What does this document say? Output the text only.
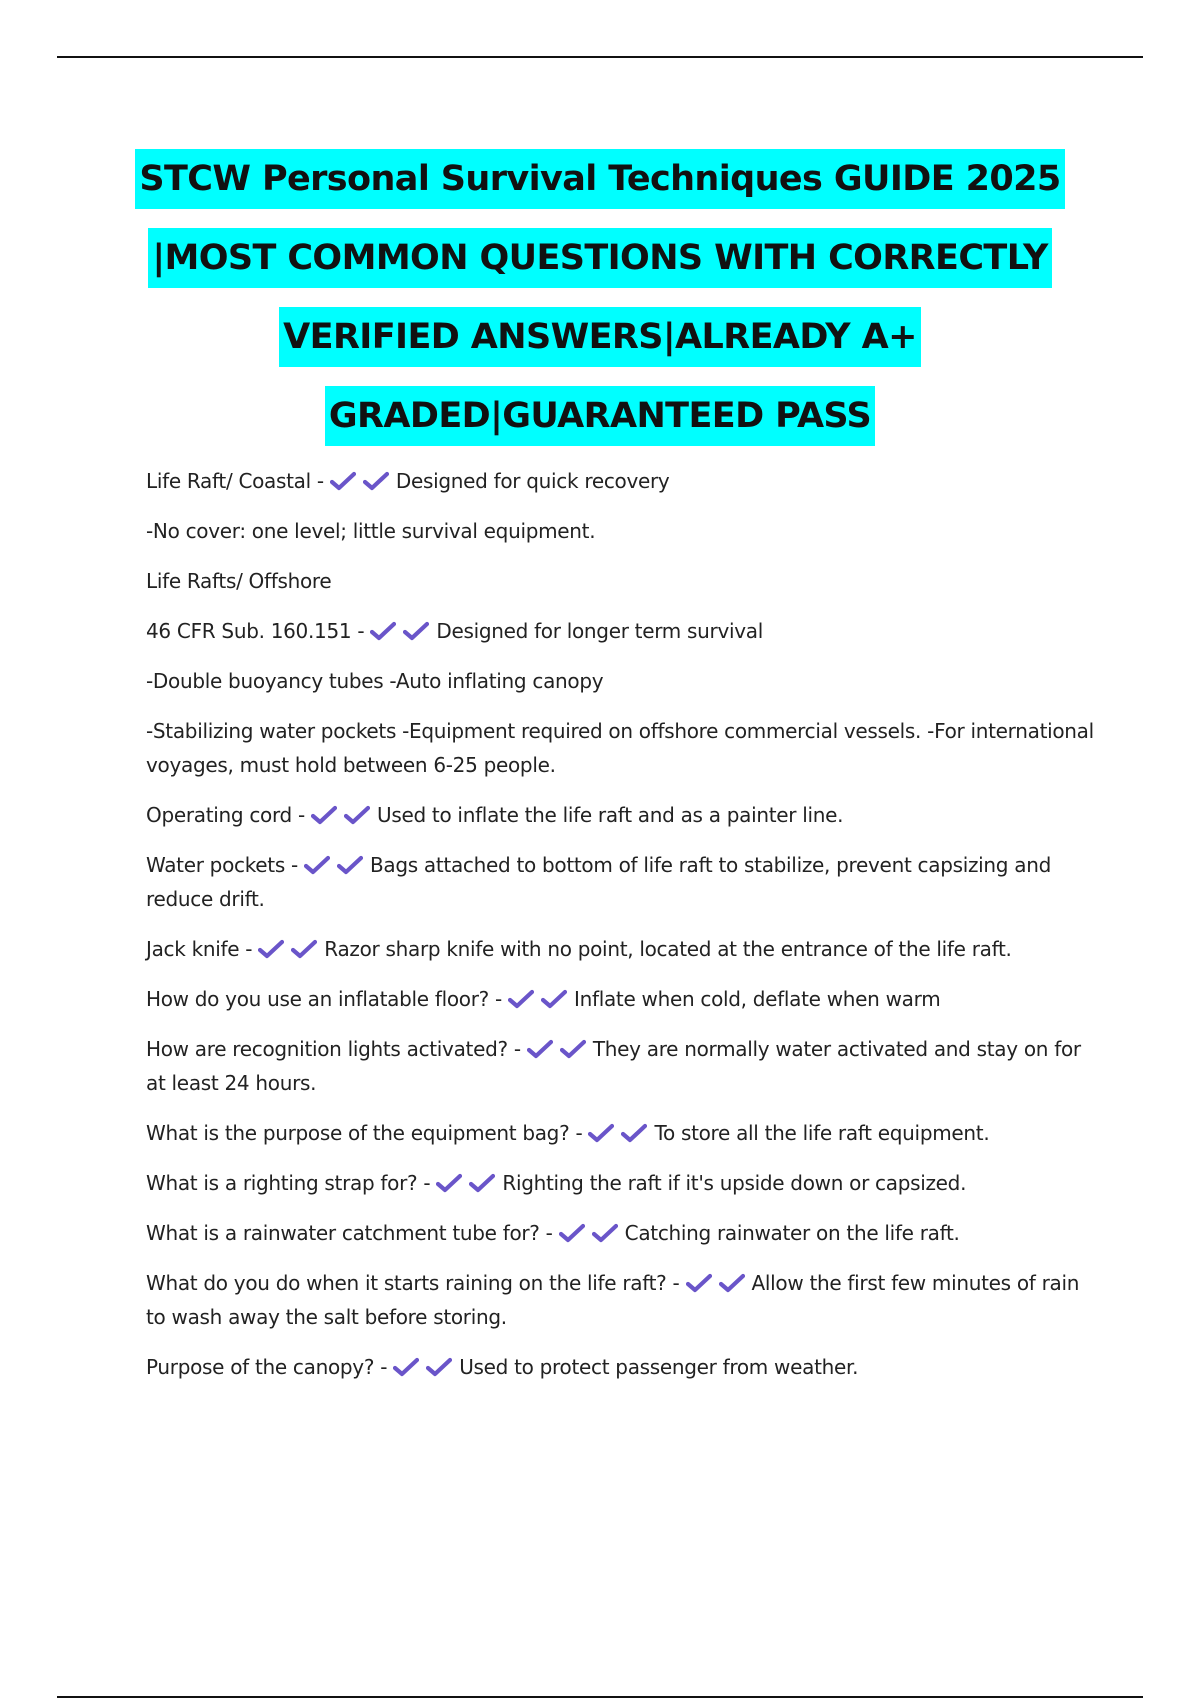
STCW Personal Survival Techniques GUIDE 2025
|MOST COMMON QUESTIONS WITH CORRECTLY
VERIFIED ANSWERS|ALREADY A+
GRADED|GUARANTEED PASS
Life Raft/ Coastal -	Designed for quick recovery
-No cover: one level; little survival equipment.
Life Rafts/ Offshore
46 CFR Sub. 160.151 -	Designed for longer term survival
-Double buoyancy tubes -Auto inflating canopy
-Stabilizing water pockets -Equipment required on offshore commercial vessels. -For international voyages, must hold between 6-25 people.
Operating cord -	Used to inflate the life raft and as a painter line.
Water pockets -	Bags attached to bottom of life raft to stabilize, prevent capsizing and reduce drift.
Jack knife -	Razor sharp knife with no point, located at the entrance of the life raft.
How do you use an inflatable floor? -	Inflate when cold, deflate when warm
How are recognition lights activated? -	They are normally water activated and stay on for at least 24 hours.
What is the purpose of the equipment bag? -	To store all the life raft equipment.
What is a righting strap for? -	Righting the raft if it's upside down or capsized.
What is a rainwater catchment tube for? -	Catching rainwater on the life raft.
What do you do when it starts raining on the life raft? -	Allow the first few minutes of rain to wash away the salt before storing.
Purpose of the canopy? -	Used to protect passenger from weather.
